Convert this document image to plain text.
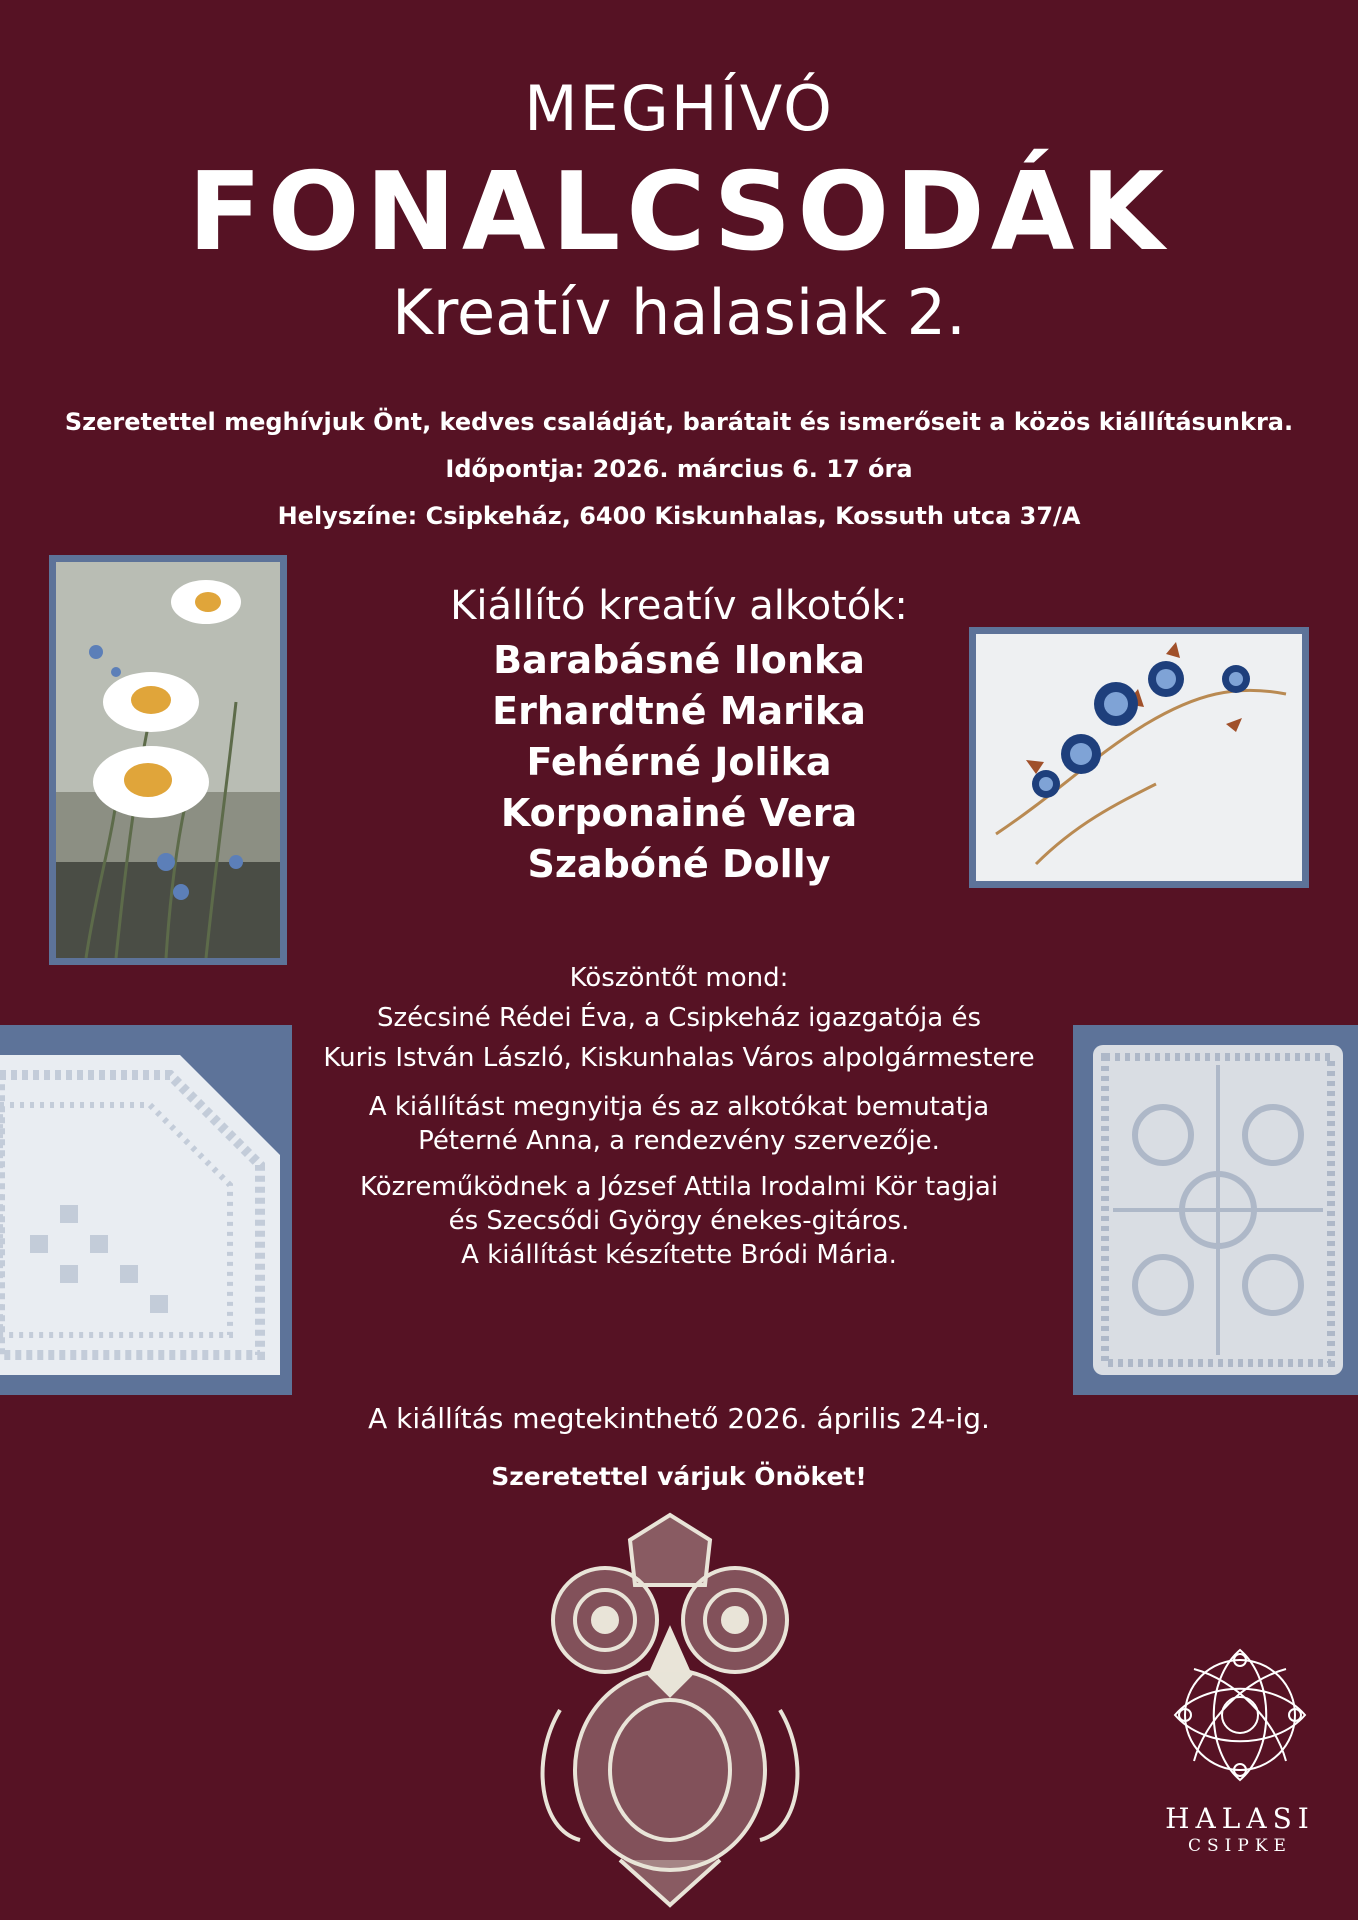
MEGHÍVÓ
FONALCSODÁK
Kreatív halasiak 2.
Szeretettel meghívjuk Önt, kedves családját, barátait és ismerőseit a közös kiállításunkra.
Időpontja: 2026. március 6. 17 óra
Helyszíne: Csipkeház, 6400 Kiskunhalas, Kossuth utca 37/A
Kiállító kreatív alkotók:
Barabásné Ilonka
Erhardtné Marika
Fehérné Jolika
Korponainé Vera
Szabóné Dolly
Köszöntőt mond:
Szécsiné Rédei Éva, a Csipkeház igazgatója és
Kuris István László, Kiskunhalas Város alpolgármestere
A kiállítást megnyitja és az alkotókat bemutatja
Péterné Anna, a rendezvény szervezője.
Közreműködnek a József Attila Irodalmi Kör tagjai
és Szecsődi György énekes-gitáros.
A kiállítást készítette Bródi Mária.
A kiállítás megtekinthető 2026. április 24-ig.
Szeretettel várjuk Önöket!
HALASI
CSIPKE
